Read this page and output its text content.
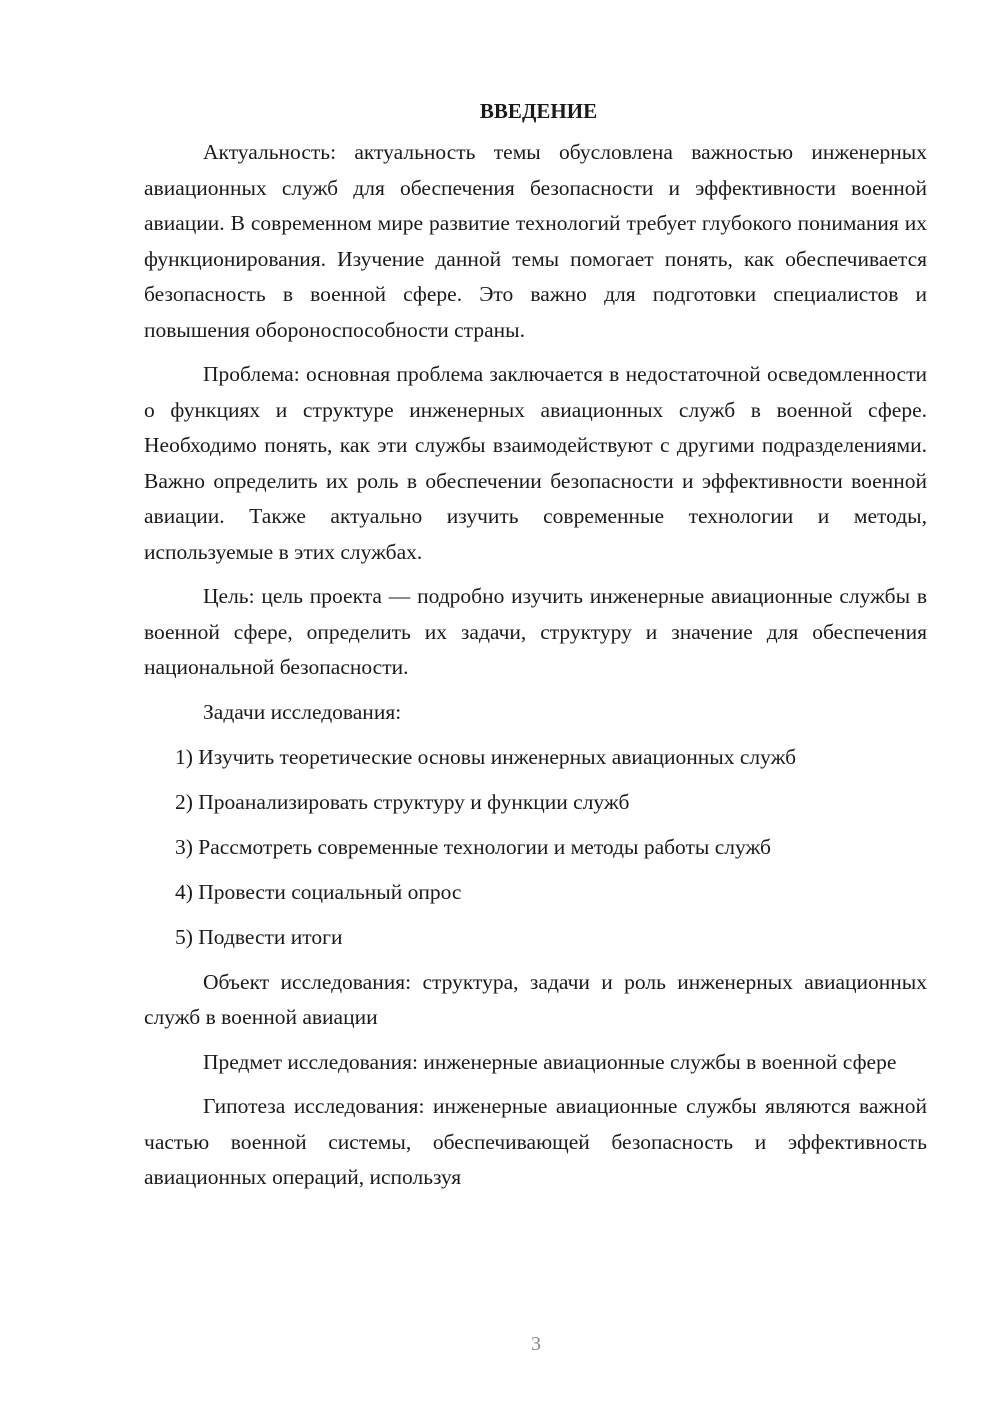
ВВЕДЕНИЕ

Актуальность: актуальность темы обусловлена важностью инженерных авиационных служб для обеспечения безопасности и эффективности военной авиации. В современном мире развитие технологий требует глубокого понимания их функционирования. Изучение данной темы помогает понять, как обеспечивается безопасность в военной сфере. Это важно для подготовки специалистов и повышения обороноспособности страны.

Проблема: основная проблема заключается в недостаточной осведомленности о функциях и структуре инженерных авиационных служб в военной сфере. Необходимо понять, как эти службы взаимодействуют с другими подразделениями. Важно определить их роль в обеспечении безопасности и эффективности военной авиации. Также актуально изучить современные технологии и методы, используемые в этих службах.

Цель: цель проекта — подробно изучить инженерные авиационные службы в военной сфере, определить их задачи, структуру и значение для обеспечения национальной безопасности.

Задачи исследования:

1) Изучить теоретические основы инженерных авиационных служб
2) Проанализировать структуру и функции служб
3) Рассмотреть современные технологии и методы работы служб
4) Провести социальный опрос
5) Подвести итоги

Объект исследования: структура, задачи и роль инженерных авиационных служб в военной авиации

Предмет исследования: инженерные авиационные службы в военной сфере

Гипотеза исследования: инженерные авиационные службы являются важной частью военной системы, обеспечивающей безопасность и эффективность авиационных операций, используя

3
